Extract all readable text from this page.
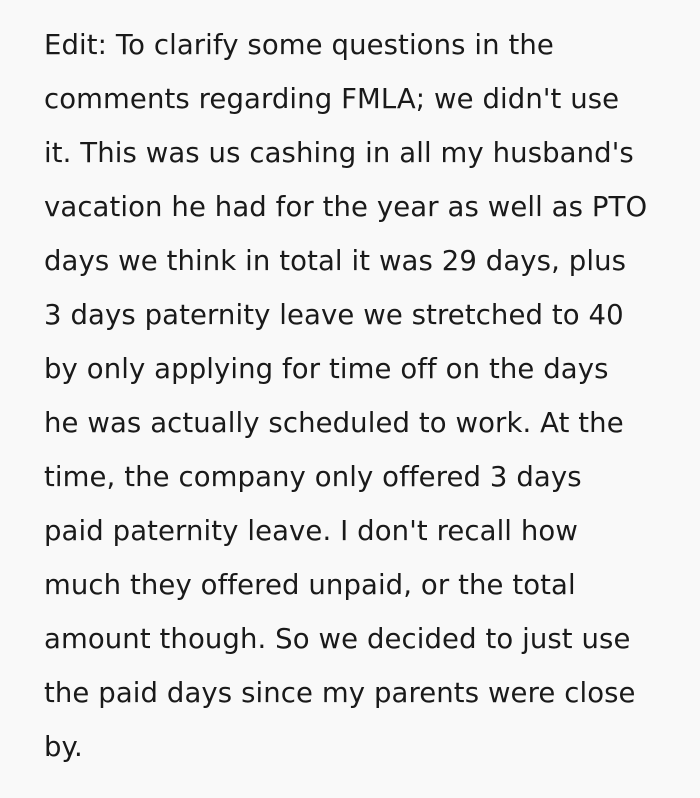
Edit: To clarify some questions in the
comments regarding FMLA; we didn't use
it. This was us cashing in all my husband's
vacation he had for the year as well as PTO
days we think in total it was 29 days, plus
3 days paternity leave we stretched to 40
by only applying for time off on the days
he was actually scheduled to work. At the
time, the company only offered 3 days
paid paternity leave. I don't recall how
much they offered unpaid, or the total
amount though. So we decided to just use
the paid days since my parents were close
by.
